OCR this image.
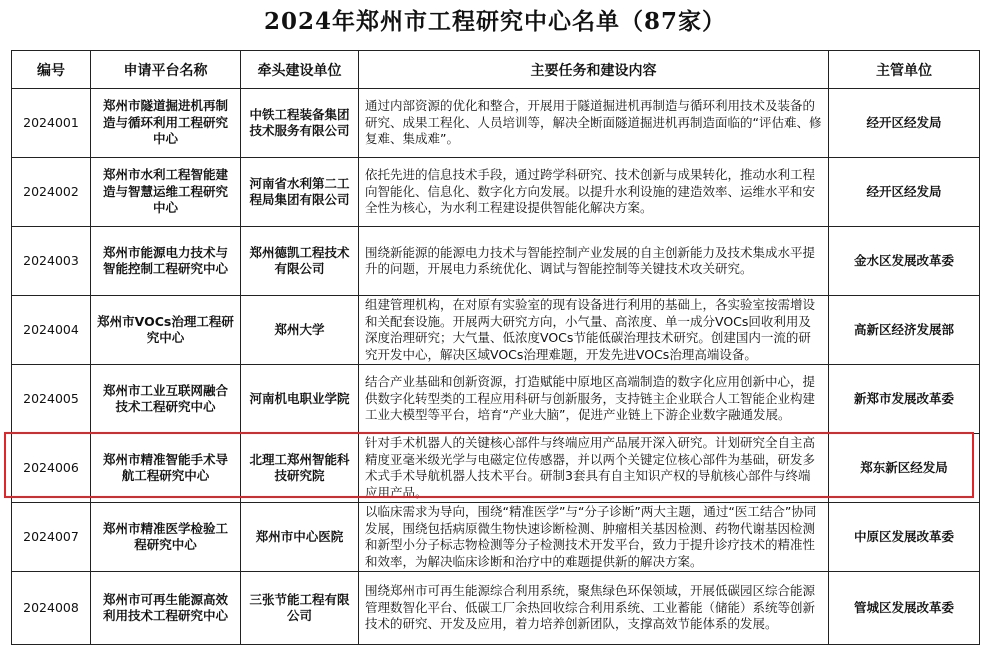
2024年郑州市工程研究中心名单（87家）
编号	申请平台名称	牵头建设单位	主要任务和建设内容	主管单位
2024001	郑州市隧道掘进机再制造与循环利用工程研究中心	中铁工程装备集团技术服务有限公司	通过内部资源的优化和整合，开展用于隧道掘进机再制造与循环利用技术及装备的研究、成果工程化、人员培训等，解决全断面隧道掘进机再制造面临的“评估难、修复难、集成难”。	经开区经发局
2024002	郑州市水利工程智能建造与智慧运维工程研究中心	河南省水利第二工程局集团有限公司	依托先进的信息技术手段，通过跨学科研究、技术创新与成果转化，推动水利工程向智能化、信息化、数字化方向发展。以提升水利设施的建造效率、运维水平和安全性为核心，为水利工程建设提供智能化解决方案。	经开区经发局
2024003	郑州市能源电力技术与智能控制工程研究中心	郑州德凯工程技术有限公司	围绕新能源的能源电力技术与智能控制产业发展的自主创新能力及技术集成水平提升的问题，开展电力系统优化、调试与智能控制等关键技术攻关研究。	金水区发展改革委
2024004	郑州市VOCs治理工程研究中心	郑州大学	组建管理机构，在对原有实验室的现有设备进行利用的基础上，各实验室按需增设和关配套设施。开展两大研究方向，小气量、高浓度、单一成分VOCs回收利用及深度治理研究；大气量、低浓度VOCs节能低碳治理技术研究。创建国内一流的研究开发中心，解决区域VOCs治理难题，开发先进VOCs治理高端设备。	高新区经济发展部
2024005	郑州市工业互联网融合技术工程研究中心	河南机电职业学院	结合产业基础和创新资源，打造赋能中原地区高端制造的数字化应用创新中心，提供数字化转型类的工程应用科研与创新服务，支持链主企业联合人工智能企业构建工业大模型等平台，培育“产业大脑”，促进产业链上下游企业数字融通发展。	新郑市发展改革委
2024006	郑州市精准智能手术导航工程研究中心	北理工郑州智能科技研究院	针对手术机器人的关键核心部件与终端应用产品展开深入研究。计划研究全自主高精度亚毫米级光学与电磁定位传感器，并以两个关键定位核心部件为基础，研发多术式手术导航机器人技术平台。研制3套具有自主知识产权的导航核心部件与终端应用产品。	郑东新区经发局
2024007	郑州市精准医学检验工程研究中心	郑州市中心医院	以临床需求为导向，围绕“精准医学”与“分子诊断”两大主题，通过“医工结合”协同发展，围绕包括病原微生物快速诊断检测、肿瘤相关基因检测、药物代谢基因检测和新型小分子标志物检测等分子检测技术开发平台，致力于提升诊疗技术的精准性和效率，为解决临床诊断和治疗中的难题提供新的解决方案。	中原区发展改革委
2024008	郑州市可再生能源高效利用技术工程研究中心	三张节能工程有限公司	围绕郑州市可再生能源综合利用系统，聚焦绿色环保领域，开展低碳园区综合能源管理数智化平台、低碳工厂余热回收综合利用系统、工业蓄能（储能）系统等创新技术的研究、开发及应用，着力培养创新团队，支撑高效节能体系的发展。	管城区发展改革委
